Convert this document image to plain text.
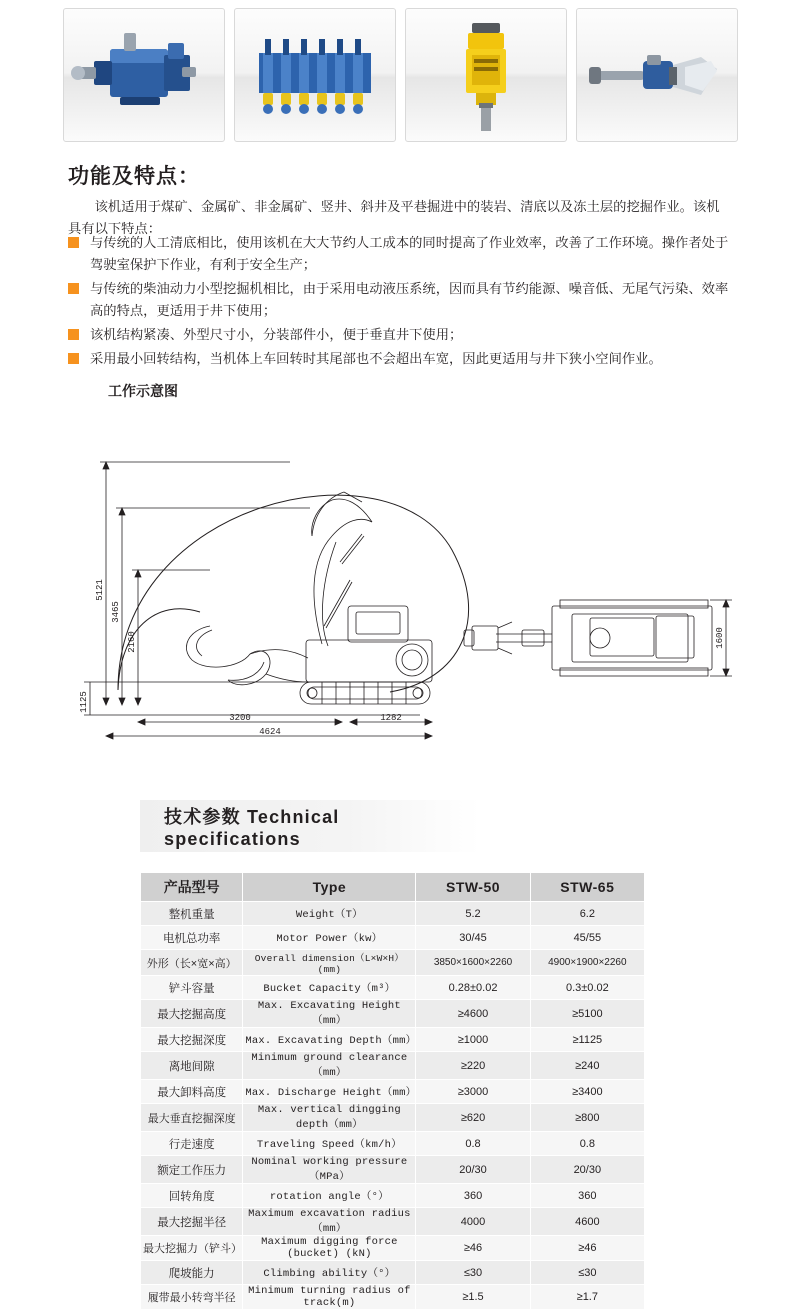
功能及特点：
该机适用于煤矿、金属矿、非金属矿、竖井、斜井及平巷掘进中的装岩、清底以及冻土层的挖掘作业。该机具有以下特点：
与传统的人工清底相比，使用该机在大大节约人工成本的同时提高了作业效率，改善了工作环境。操作者处于驾驶室保护下作业，有利于安全生产；
与传统的柴油动力小型挖掘机相比，由于采用电动液压系统，因而具有节约能源、噪音低、无尾气污染、效率高的特点，更适用于井下使用；
该机结构紧凑、外型尺寸小，分装部件小，便于垂直井下使用；
采用最小回转结构，当机体上车回转时其尾部也不会超出车宽，因此更适用与井下狭小空间作业。
工作示意图
5121
3465
2160
1125
3200
4624
1282
1600
技术参数 Technical specifications
产品型号	Type	STW-50	STW-65
整机重量	Weight（T）	5.2	6.2
电机总功率	Motor Power（kw）	30/45	45/55
外形（长×宽×高）	Overall dimension（L×W×H）(mm)	3850×1600×2260	4900×1900×2260
铲斗容量	Bucket Capacity（m³）	0.28±0.02	0.3±0.02
最大挖掘高度	Max. Excavating Height（mm）	≥4600	≥5100
最大挖掘深度	Max. Excavating Depth（mm）	≥1000	≥1125
离地间隙	Minimum ground clearance（mm）	≥220	≥240
最大卸料高度	Max. Discharge Height（mm）	≥3000	≥3400
最大垂直挖掘深度	Max. vertical dingging depth（mm）	≥620	≥800
行走速度	Traveling Speed（km/h）	0.8	0.8
额定工作压力	Nominal working pressure（MPa）	20/30	20/30
回转角度	rotation angle（°）	360	360
最大挖掘半径	Maximum excavation radius（mm）	4000	4600
最大挖掘力（铲斗）	Maximum digging force (bucket) (kN)	≥46	≥46
爬坡能力	Climbing ability（°）	≤30	≤30
履带最小转弯半径	Minimum turning radius of track(m)	≥1.5	≥1.7
